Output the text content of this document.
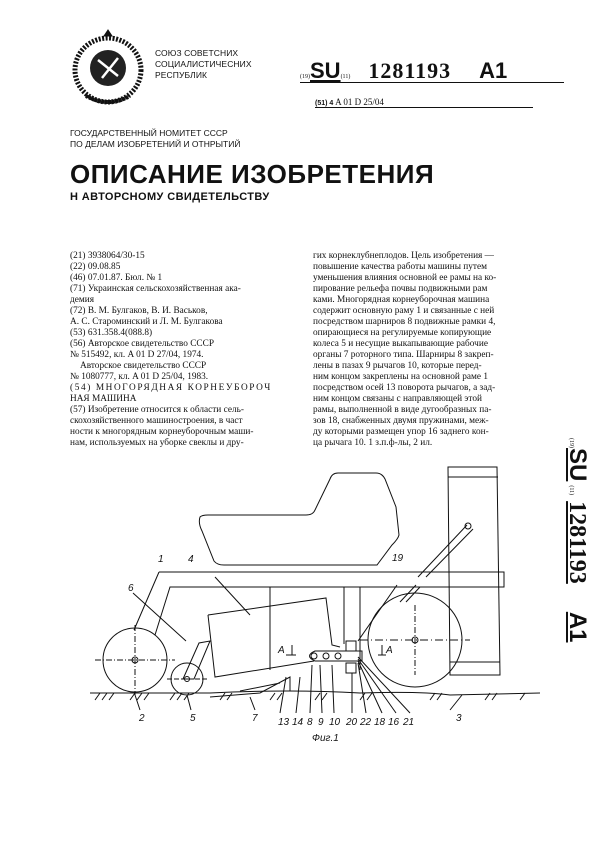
СОЮЗ СОВЕТСНИХ
СОЦИАЛИСТИЧЕСНИХ
РЕСПУБЛИК	(19)SU(11) 1281193 A1
(51) 4 A 01 D 25/04
ГОСУДАРСТВЕННЫЙ НОМИТЕТ СССР
ПО ДЕЛАМ ИЗОБРЕТЕНИЙ И ОТНРЫТИЙ
ОПИСАНИЕ ИЗОБРЕТЕНИЯ
Н АВТОРСНОМУ СВИДЕТЕЛЬСТВУ
(21) 3938064/30-15
(22) 09.08.85
(46) 07.01.87. Бюл. № 1
(71) Украинская сельскохозяйственная ака-
демия
(72) В. М. Булгаков, В. И. Васьков,
А. С. Староминский и Л. М. Булгакова
(53) 631.358.4(088.8)
(56) Авторское свидетельство СССР
№ 515492, кл. A 01 D 27/04, 1974.
Авторское свидетельство СССР
№ 1080777, кл. A 01 D 25/04, 1983.
(54) МНОГОРЯДНАЯ КОРНЕУБОРОЧ
НАЯ МАШИНА
(57) Изобретение относится к области сель-
скохозяйственного машиностроения, в част
ности к многорядным корнеуборочным маши-
нам, используемых на уборке свеклы и дру-
гих корнеклубнеплодов. Цель изобретения —
повышение качества работы машины путем
уменьшения влияния основной ее рамы на ко-
пирование рельефа почвы подвижными рам
ками. Многорядная корнеуборочная машина
содержит основную раму 1 и связанные с ней
посредством шарниров 8 подвижные рамки 4,
опирающиеся на регулируемые копирующие
колеса 5 и несущие выкапывающие рабочие
органы 7 роторного типа. Шарниры 8 закреп-
лены в пазах 9 рычагов 10, которые перед-
ним концом закреплены на основной раме 1
посредством осей 13 поворота рычагов, а зад-
ним концом связаны с направляющей этой
рамы, выполненной в виде дугообразных па-
зов 18, снабженных двумя пружинами, меж-
ду которыми размещен упор 16 заднего кон-
ца рычага 10. 1 з.п.ф-лы, 2 ил.	(19)SU(11)1281193A1
6
1 4	19
А	А
2	5	7 13 14 8 9 10 20 22 18 16 21	3
Фиг.1
